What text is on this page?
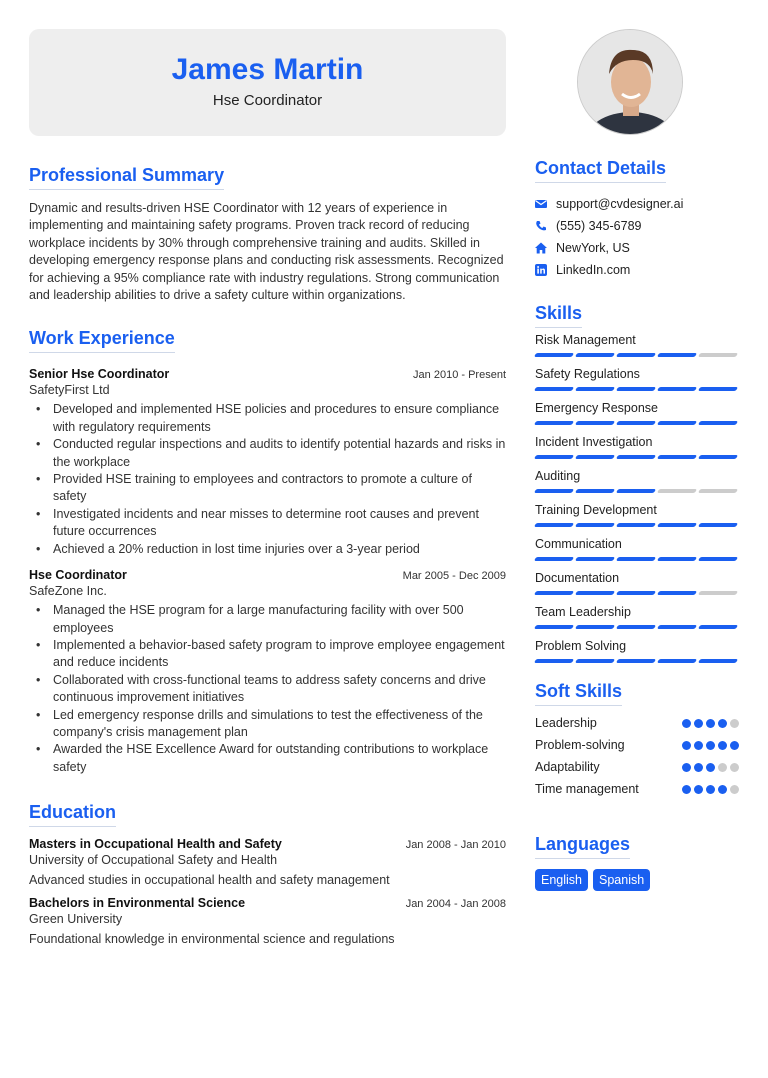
James Martin
Hse Coordinator
Professional Summary
Dynamic and results-driven HSE Coordinator with 12 years of experience in implementing and maintaining safety programs. Proven track record of reducing workplace incidents by 30% through comprehensive training and audits. Skilled in developing emergency response plans and conducting risk assessments. Recognized for achieving a 95% compliance rate with industry regulations. Strong communication and leadership abilities to drive a safety culture within organizations.
Work Experience
Senior Hse Coordinator	Jan 2010 - Present
SafetyFirst Ltd
• Developed and implemented HSE policies and procedures to ensure compliance with regulatory requirements
• Conducted regular inspections and audits to identify potential hazards and risks in the workplace
• Provided HSE training to employees and contractors to promote a culture of safety
• Investigated incidents and near misses to determine root causes and prevent future occurrences
• Achieved a 20% reduction in lost time injuries over a 3-year period
Hse Coordinator	Mar 2005 - Dec 2009
SafeZone Inc.
• Managed the HSE program for a large manufacturing facility with over 500 employees
• Implemented a behavior-based safety program to improve employee engagement and reduce incidents
• Collaborated with cross-functional teams to address safety concerns and drive continuous improvement initiatives
• Led emergency response drills and simulations to test the effectiveness of the company's crisis management plan
• Awarded the HSE Excellence Award for outstanding contributions to workplace safety
Education
Masters in Occupational Health and Safety	Jan 2008 - Jan 2010
University of Occupational Safety and Health
Advanced studies in occupational health and safety management
Bachelors in Environmental Science	Jan 2004 - Jan 2008
Green University
Foundational knowledge in environmental science and regulations
Contact Details
support@cvdesigner.ai
(555) 345-6789
NewYork, US
LinkedIn.com
Skills
Risk Management
Safety Regulations
Emergency Response
Incident Investigation
Auditing
Training Development
Communication
Documentation
Team Leadership
Problem Solving
Soft Skills
Leadership
Problem-solving
Adaptability
Time management
Languages
English	Spanish
